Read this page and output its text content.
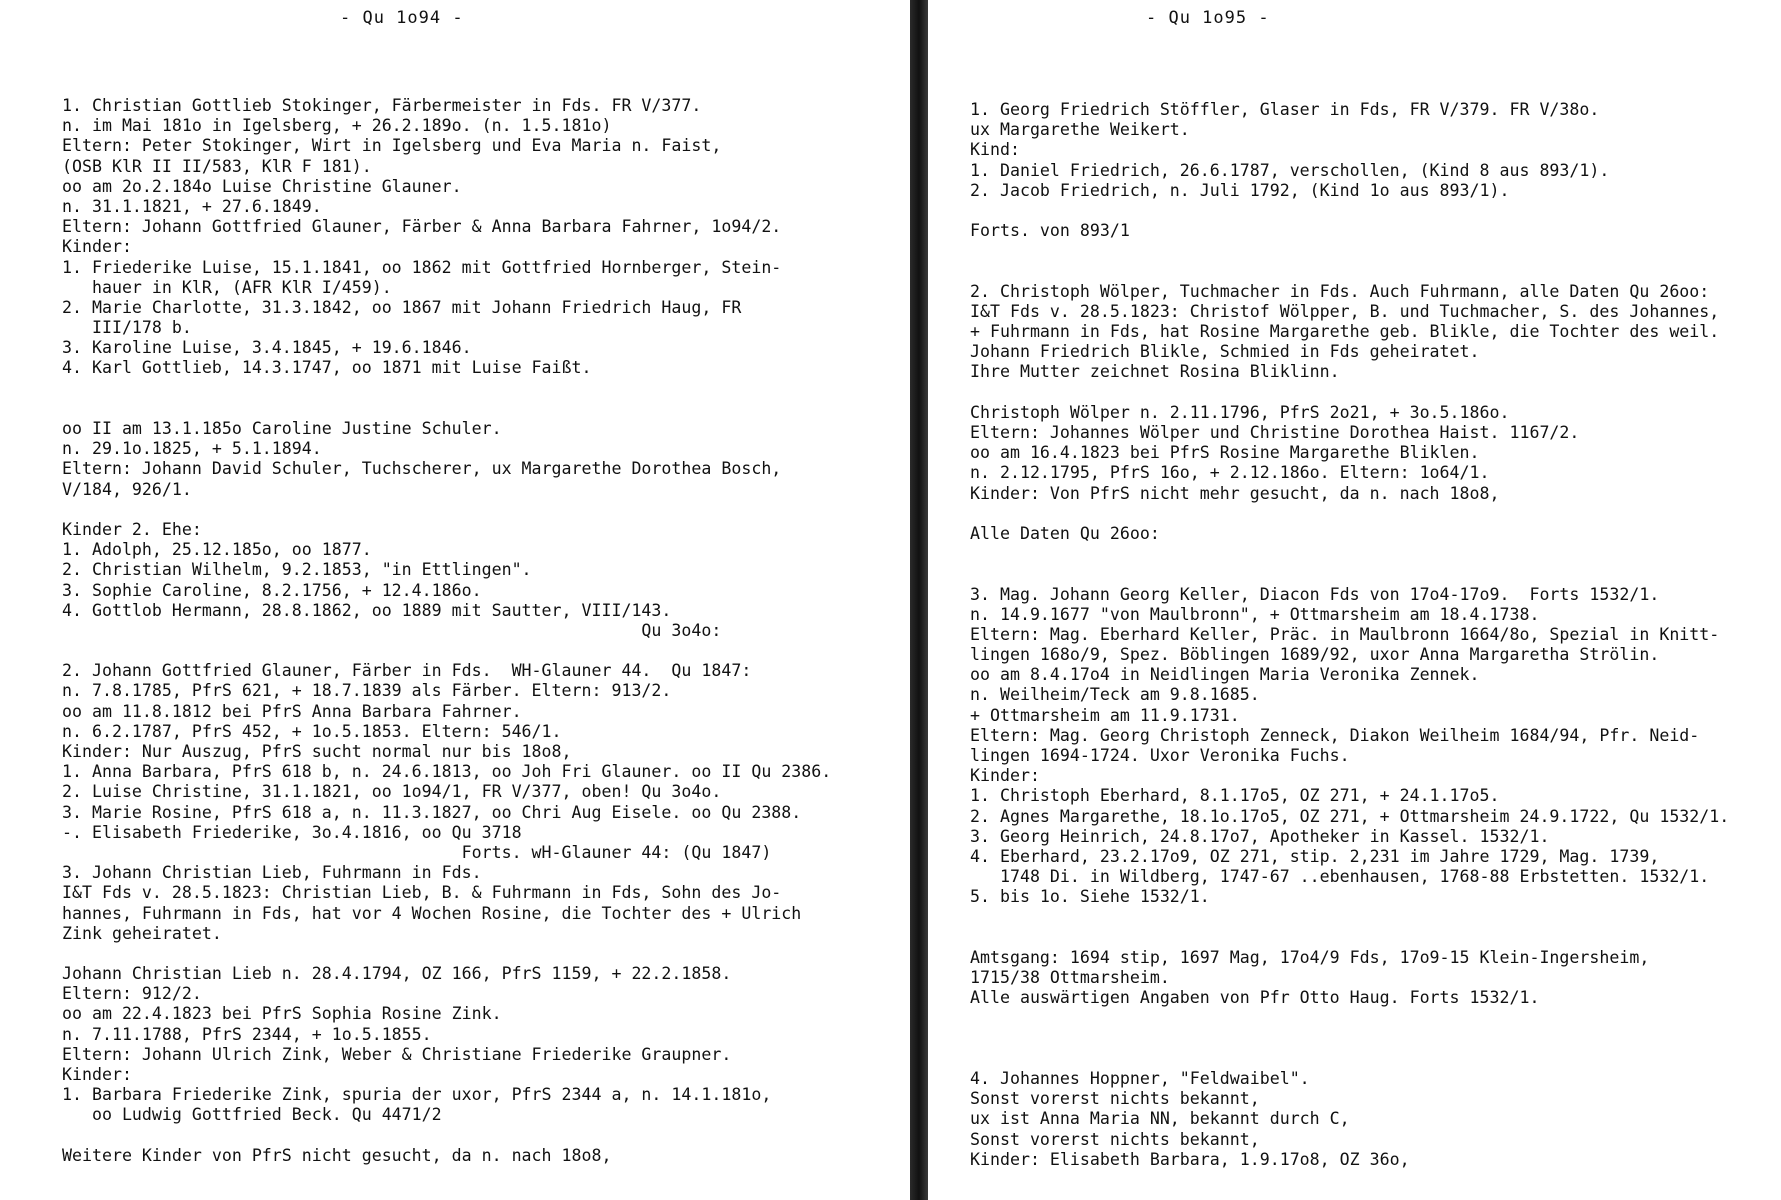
- Qu 1o94 -
1. Christian Gottlieb Stokinger, Färbermeister in Fds. FR V/377.
n. im Mai 181o in Igelsberg, + 26.2.189o. (n. 1.5.181o)
Eltern: Peter Stokinger, Wirt in Igelsberg und Eva Maria n. Faist,
(OSB KlR II II/583, KlR F 181).
oo am 2o.2.184o Luise Christine Glauner.
n. 31.1.1821, + 27.6.1849.
Eltern: Johann Gottfried Glauner, Färber & Anna Barbara Fahrner, 1o94/2.
Kinder:
1. Friederike Luise, 15.1.1841, oo 1862 mit Gottfried Hornberger, Stein-
hauer in KlR, (AFR KlR I/459).
2. Marie Charlotte, 31.3.1842, oo 1867 mit Johann Friedrich Haug, FR
III/178 b.
3. Karoline Luise, 3.4.1845, + 19.6.1846.
4. Karl Gottlieb, 14.3.1747, oo 1871 mit Luise Faißt.
oo II am 13.1.185o Caroline Justine Schuler.
n. 29.1o.1825, + 5.1.1894.
Eltern: Johann David Schuler, Tuchscherer, ux Margarethe Dorothea Bosch,
V/184, 926/1.
Kinder 2. Ehe:
1. Adolph, 25.12.185o, oo 1877.
2. Christian Wilhelm, 9.2.1853, "in Ettlingen".
3. Sophie Caroline, 8.2.1756, + 12.4.186o.
4. Gottlob Hermann, 28.8.1862, oo 1889 mit Sautter, VIII/143.
Qu 3o4o:
2. Johann Gottfried Glauner, Färber in Fds.  WH-Glauner 44.  Qu 1847:
n. 7.8.1785, PfrS 621, + 18.7.1839 als Färber. Eltern: 913/2.
oo am 11.8.1812 bei PfrS Anna Barbara Fahrner.
n. 6.2.1787, PfrS 452, + 1o.5.1853. Eltern: 546/1.
Kinder: Nur Auszug, PfrS sucht normal nur bis 18o8,
1. Anna Barbara, PfrS 618 b, n. 24.6.1813, oo Joh Fri Glauner. oo II Qu 2386.
2. Luise Christine, 31.1.1821, oo 1o94/1, FR V/377, oben! Qu 3o4o.
3. Marie Rosine, PfrS 618 a, n. 11.3.1827, oo Chri Aug Eisele. oo Qu 2388.
-. Elisabeth Friederike, 3o.4.1816, oo Qu 3718
Forts. wH-Glauner 44: (Qu 1847)
3. Johann Christian Lieb, Fuhrmann in Fds.
I&T Fds v. 28.5.1823: Christian Lieb, B. & Fuhrmann in Fds, Sohn des Jo-
hannes, Fuhrmann in Fds, hat vor 4 Wochen Rosine, die Tochter des + Ulrich
Zink geheiratet.
Johann Christian Lieb n. 28.4.1794, OZ 166, PfrS 1159, + 22.2.1858.
Eltern: 912/2.
oo am 22.4.1823 bei PfrS Sophia Rosine Zink.
n. 7.11.1788, PfrS 2344, + 1o.5.1855.
Eltern: Johann Ulrich Zink, Weber & Christiane Friederike Graupner.
Kinder:
1. Barbara Friederike Zink, spuria der uxor, PfrS 2344 a, n. 14.1.181o,
oo Ludwig Gottfried Beck. Qu 4471/2
Weitere Kinder von PfrS nicht gesucht, da n. nach 18o8,
- Qu 1o95 -
1. Georg Friedrich Stöffler, Glaser in Fds, FR V/379. FR V/38o.
ux Margarethe Weikert.
Kind:
1. Daniel Friedrich, 26.6.1787, verschollen, (Kind 8 aus 893/1).
2. Jacob Friedrich, n. Juli 1792, (Kind 1o aus 893/1).
Forts. von 893/1
2. Christoph Wölper, Tuchmacher in Fds. Auch Fuhrmann, alle Daten Qu 26oo:
I&T Fds v. 28.5.1823: Christof Wölpper, B. und Tuchmacher, S. des Johannes,
+ Fuhrmann in Fds, hat Rosine Margarethe geb. Blikle, die Tochter des weil.
Johann Friedrich Blikle, Schmied in Fds geheiratet.
Ihre Mutter zeichnet Rosina Bliklinn.
Christoph Wölper n. 2.11.1796, PfrS 2o21, + 3o.5.186o.
Eltern: Johannes Wölper und Christine Dorothea Haist. 1167/2.
oo am 16.4.1823 bei PfrS Rosine Margarethe Bliklen.
n. 2.12.1795, PfrS 16o, + 2.12.186o. Eltern: 1o64/1.
Kinder: Von PfrS nicht mehr gesucht, da n. nach 18o8,
Alle Daten Qu 26oo:
3. Mag. Johann Georg Keller, Diacon Fds von 17o4-17o9.  Forts 1532/1.
n. 14.9.1677 "von Maulbronn", + Ottmarsheim am 18.4.1738.
Eltern: Mag. Eberhard Keller, Präc. in Maulbronn 1664/8o, Spezial in Knitt-
lingen 168o/9, Spez. Böblingen 1689/92, uxor Anna Margaretha Strölin.
oo am 8.4.17o4 in Neidlingen Maria Veronika Zennek.
n. Weilheim/Teck am 9.8.1685.
+ Ottmarsheim am 11.9.1731.
Eltern: Mag. Georg Christoph Zenneck, Diakon Weilheim 1684/94, Pfr. Neid-
lingen 1694-1724. Uxor Veronika Fuchs.
Kinder:
1. Christoph Eberhard, 8.1.17o5, OZ 271, + 24.1.17o5.
2. Agnes Margarethe, 18.1o.17o5, OZ 271, + Ottmarsheim 24.9.1722, Qu 1532/1.
3. Georg Heinrich, 24.8.17o7, Apotheker in Kassel. 1532/1.
4. Eberhard, 23.2.17o9, OZ 271, stip. 2,231 im Jahre 1729, Mag. 1739,
1748 Di. in Wildberg, 1747-67 ..ebenhausen, 1768-88 Erbstetten. 1532/1.
5. bis 1o. Siehe 1532/1.
Amtsgang: 1694 stip, 1697 Mag, 17o4/9 Fds, 17o9-15 Klein-Ingersheim,
1715/38 Ottmarsheim.
Alle auswärtigen Angaben von Pfr Otto Haug. Forts 1532/1.
4. Johannes Hoppner, "Feldwaibel".
Sonst vorerst nichts bekannt,
ux ist Anna Maria NN, bekannt durch C,
Sonst vorerst nichts bekannt,
Kinder: Elisabeth Barbara, 1.9.17o8, OZ 36o,
